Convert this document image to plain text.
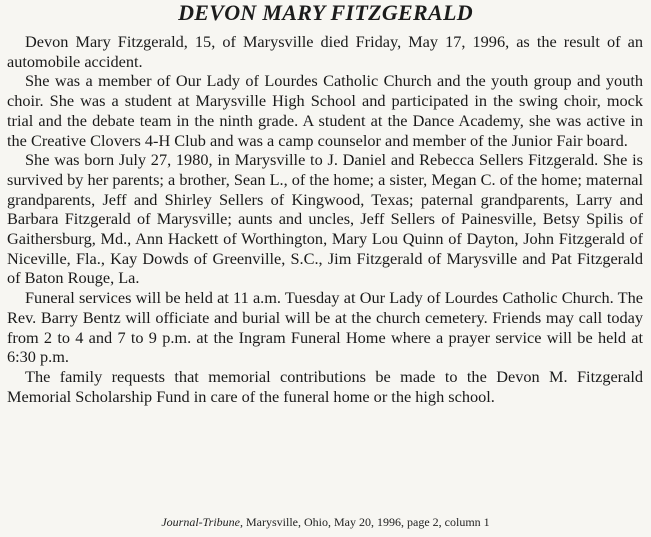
DEVON MARY FITZGERALD

Devon Mary Fitzgerald, 15, of Marysville died Friday, May 17, 1996, as the result of an automobile accident.

She was a member of Our Lady of Lourdes Catholic Church and the youth group and youth choir. She was a student at Marysville High School and participated in the swing choir, mock trial and the debate team in the ninth grade. A student at the Dance Academy, she was active in the Creative Clovers 4-H Club and was a camp counselor and member of the Junior Fair board.

She was born July 27, 1980, in Marysville to J. Daniel and Rebecca Sellers Fitzgerald. She is survived by her parents; a brother, Sean L., of the home; a sister, Megan C. of the home; maternal grandparents, Jeff and Shirley Sellers of Kingwood, Texas; paternal grandparents, Larry and Barbara Fitzgerald of Marysville; aunts and uncles, Jeff Sellers of Painesville, Betsy Spilis of Gaithersburg, Md., Ann Hackett of Worthington, Mary Lou Quinn of Dayton, John Fitzgerald of Niceville, Fla., Kay Dowds of Greenville, S.C., Jim Fitzgerald of Marysville and Pat Fitzgerald of Baton Rouge, La.

Funeral services will be held at 11 a.m. Tuesday at Our Lady of Lourdes Catholic Church. The Rev. Barry Bentz will officiate and burial will be at the church cemetery. Friends may call today from 2 to 4 and 7 to 9 p.m. at the Ingram Funeral Home where a prayer service will be held at 6:30 p.m.

The family requests that memorial contributions be made to the Devon M. Fitzgerald Memorial Scholarship Fund in care of the funeral home or the high school.

Journal-Tribune, Marysville, Ohio, May 20, 1996, page 2, column 1
